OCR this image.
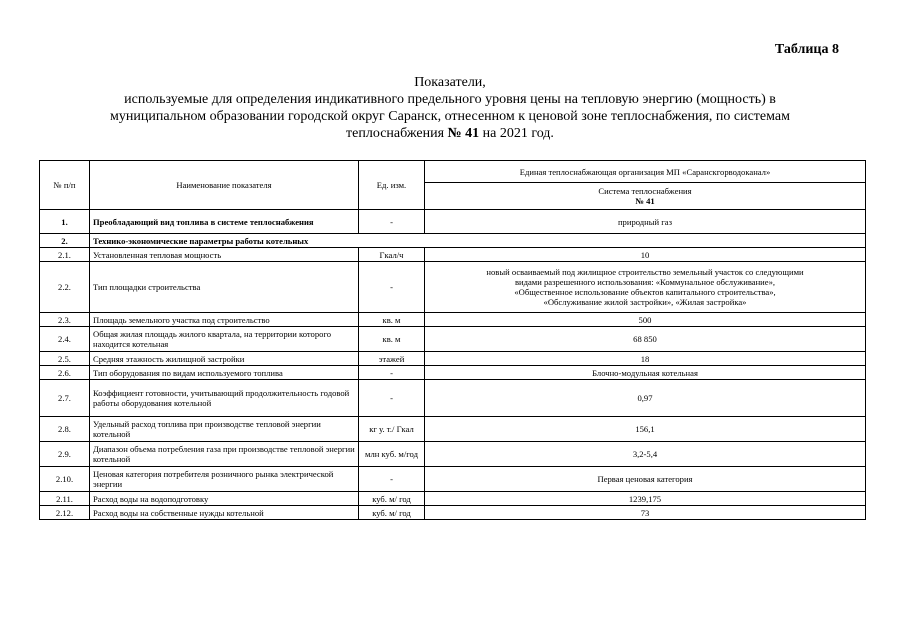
Таблица 8
Показатели,
используемые для определения индикативного предельного уровня цены на тепловую энергию (мощность) в
муниципальном образовании городской округ Саранск, отнесенном к ценовой зоне теплоснабжения, по системам
теплоснабжения № 41 на 2021 год.
№ п/п	Наименование показателя	Ед. изм.	Единая теплоснабжающая организация МП «Саранскгорводоканал»

			Система теплоснабжения
№ 41

1.	Преобладающий вид топлива в системе теплоснабжения	-	природный газ
2.	Технико-экономические параметры работы котельных		
2.1.	Установленная тепловая мощность	Гкал/ч	10
2.2.	Тип площадки строительства	-	новый осваиваемый под жилищное строительство земельный участок со следующими
видами разрешенного использования: «Коммунальное обслуживание»,
«Общественное использование объектов капитального строительства»,
«Обслуживание жилой застройки», «Жилая застройка»

2.3.	Площадь земельного участка под строительство	кв. м	500
2.4.	Общая жилая площадь жилого квартала, на территории которого находится котельная	кв. м	68 850
2.5.	Средняя этажность жилищной застройки	этажей	18
2.6.	Тип оборудования по видам используемого топлива	-	Блочно-модульная котельная
2.7.	Коэффициент готовности, учитывающий продолжительность годовой работы оборудования котельной	-	0,97
2.8.	Удельный расход топлива при производстве тепловой энергии котельной	кг у. т./ Гкал	156,1
2.9.	Диапазон объема потребления газа при производстве тепловой энергии котельной	млн куб. м/год	3,2-5,4
2.10.	Ценовая категория потребителя розничного рынка электрической энергии	-	Первая ценовая категория
2.11.	Расход воды на водоподготовку	куб. м/ год	1239,175
2.12.	Расход воды на собственные нужды котельной	куб. м/ год	73
